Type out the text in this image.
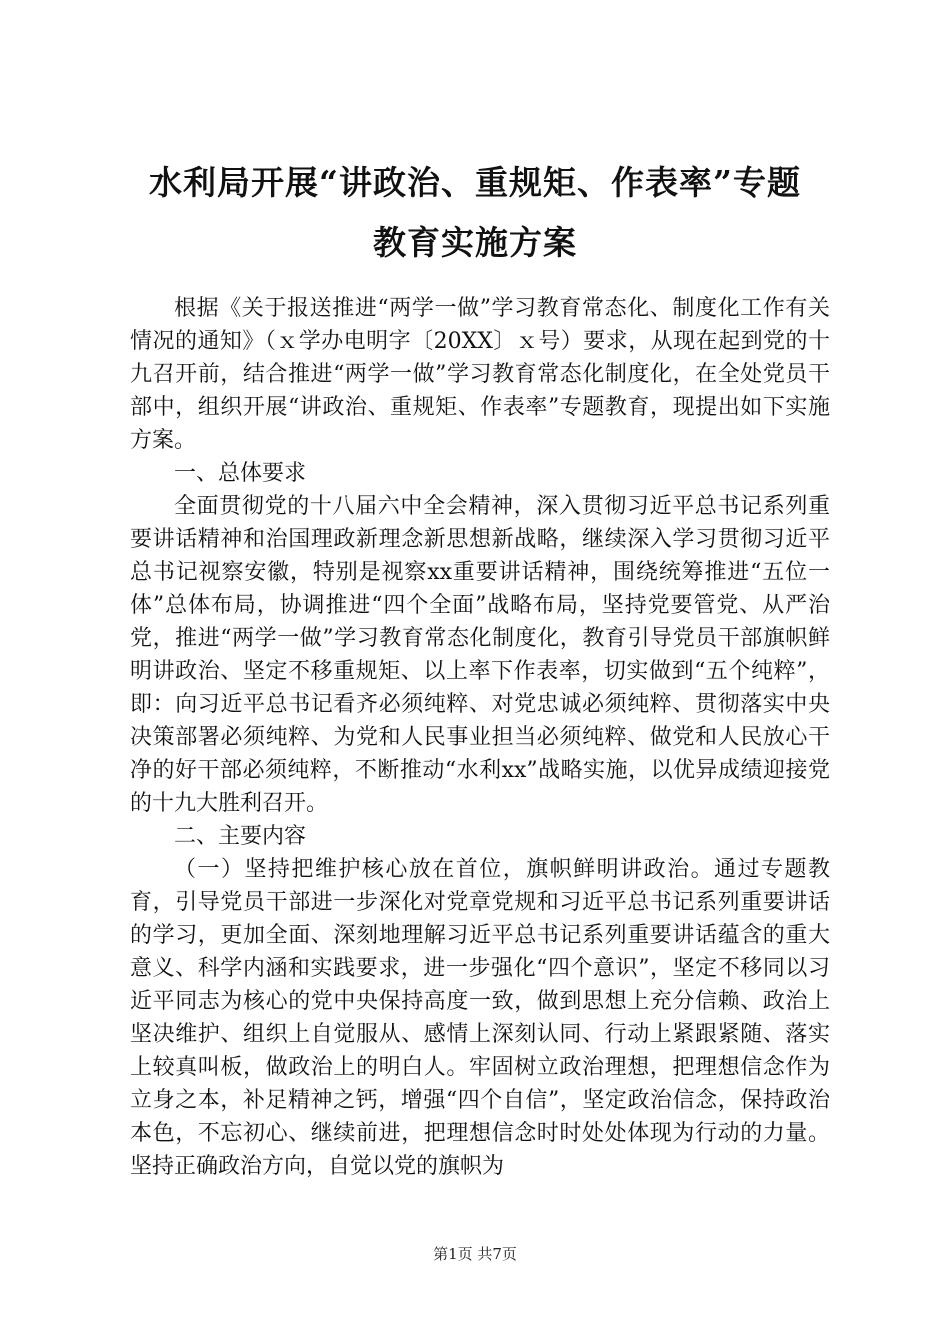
水利局开展“讲政治、重规矩、作表率”专题
教育实施方案

根据《关于报送推进“两学一做”学习教育常态化、制度化工作有关情况的通知》（ｘ学办电明字〔20XX〕ｘ号）要求，从现在起到党的十九召开前，结合推进“两学一做”学习教育常态化制度化，在全处党员干部中，组织开展“讲政治、重规矩、作表率”专题教育，现提出如下实施方案。

一、总体要求

全面贯彻党的十八届六中全会精神，深入贯彻习近平总书记系列重要讲话精神和治国理政新理念新思想新战略，继续深入学习贯彻习近平总书记视察安徽，特别是视察xx重要讲话精神，围绕统筹推进“五位一体”总体布局，协调推进“四个全面”战略布局，坚持党要管党、从严治党，推进“两学一做”学习教育常态化制度化，教育引导党员干部旗帜鲜明讲政治、坚定不移重规矩、以上率下作表率，切实做到“五个纯粹”，即：向习近平总书记看齐必须纯粹、对党忠诚必须纯粹、贯彻落实中央决策部署必须纯粹、为党和人民事业担当必须纯粹、做党和人民放心干净的好干部必须纯粹，不断推动“水利xx”战略实施，以优异成绩迎接党的十九大胜利召开。

二、主要内容

（一）坚持把维护核心放在首位，旗帜鲜明讲政治。通过专题教育，引导党员干部进一步深化对党章党规和习近平总书记系列重要讲话的学习，更加全面、深刻地理解习近平总书记系列重要讲话蕴含的重大意义、科学内涵和实践要求，进一步强化“四个意识”，坚定不移同以习近平同志为核心的党中央保持高度一致，做到思想上充分信赖、政治上坚决维护、组织上自觉服从、感情上深刻认同、行动上紧跟紧随、落实上较真叫板，做政治上的明白人。牢固树立政治理想，把理想信念作为立身之本，补足精神之钙，增强“四个自信”，坚定政治信念，保持政治本色，不忘初心、继续前进，把理想信念时时处处体现为行动的力量。坚持正确政治方向，自觉以党的旗帜为

第1页 共7页
